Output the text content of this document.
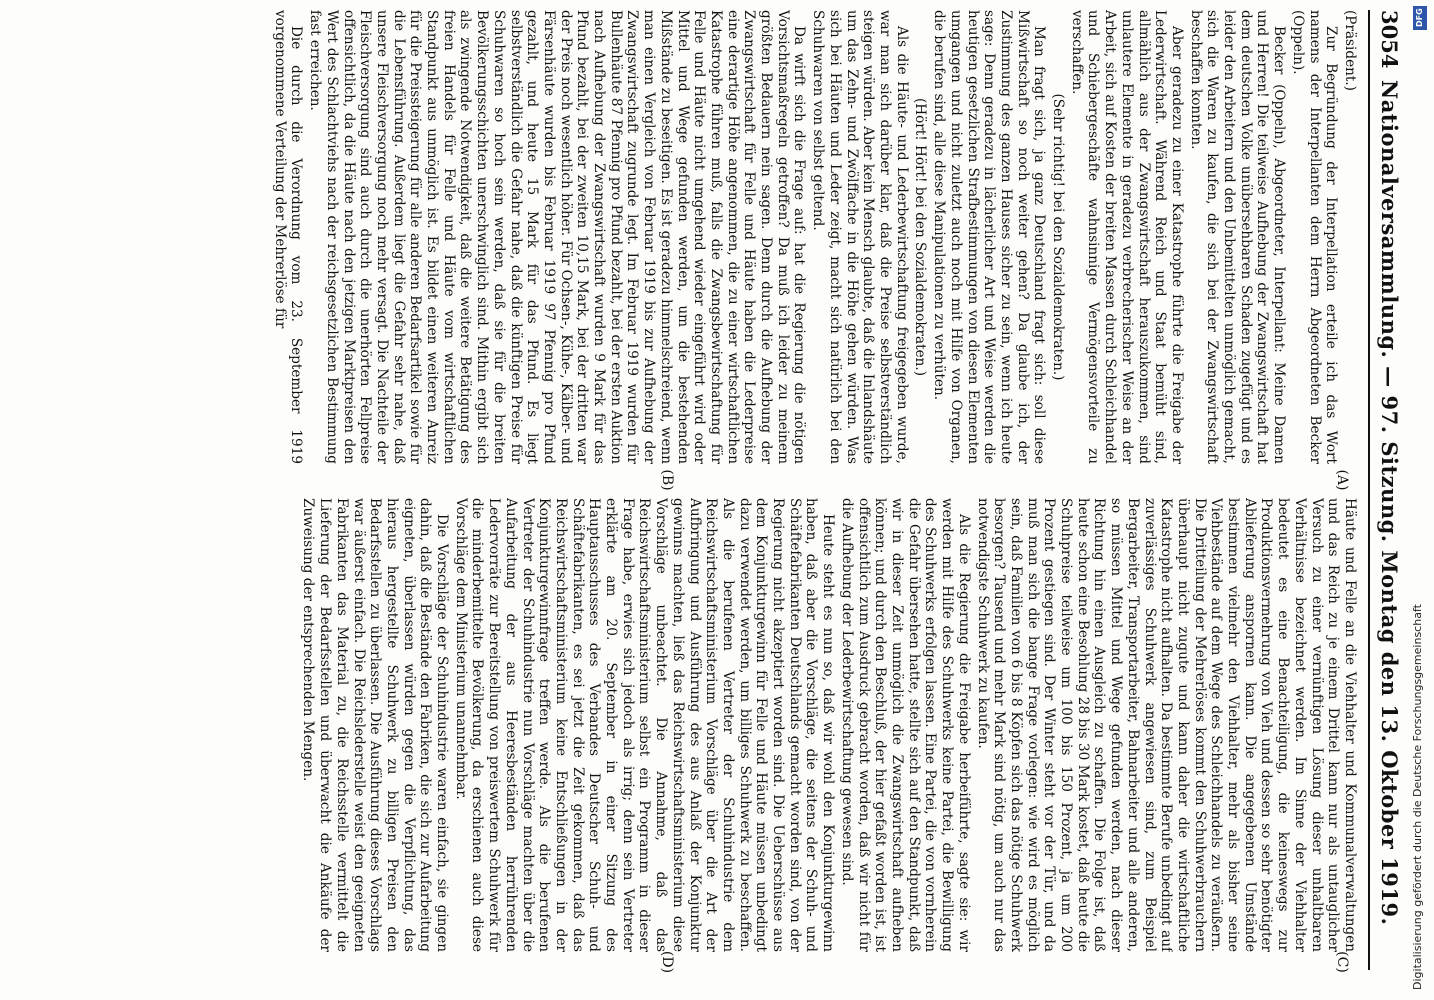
3054
Nationalversammlung. — 97. Sitzung. Montag den 13. Oktober 1919.
(A)
(B)
(C)
(D)

(Präsident.)

Zur Begründung der Interpellation erteile ich das Wort namens der Interpellanten dem Herrn Abgeordneten Becker (Oppeln).

Becker (Oppeln), Abgeordneter, Interpellant: Meine Damen und Herren! Die teilweise Aufhebung der Zwangswirtschaft hat dem deutschen Volke unübersehbaren Schaden zugefügt und es leider den Arbeitern und den Unbemittelten unmöglich gemacht, sich die Waren zu kaufen, die sich bei der Zwangswirtschaft beschaffen konnten.

Aber geradezu zu einer Katastrophe führte die Freigabe der Lederwirtschaft. Während Reich und Staat bemüht sind, allmählich aus der Zwangswirtschaft herauszukommen, sind unlautere Elemente in geradezu verbrecherischer Weise an der Arbeit, sich auf Kosten der breiten Massen durch Schleichhandel und Schiebergeschäfte wahnsinnige Vermögensvorteile zu verschaffen.

(Sehr richtig! bei den Sozialdemokraten.)

Man fragt sich, ja ganz Deutschland fragt sich: soll diese Mißwirtschaft so noch weiter gehen? Da glaube ich, der Zustimmung des ganzen Hauses sicher zu sein, wenn ich heute sage: Denn geradezu in lächerlicher Art und Weise werden die heutigen gesetzlichen Strafbestimmungen von diesen Elementen umgangen und nicht zuletzt auch noch mit Hilfe von Organen, die berufen sind, alle diese Manipulationen zu verhüten.

(Hört! Hört! bei den Sozialdemokraten.)

Als die Häute- und Lederbewirtschaftung freigegeben wurde, war man sich darüber klar, daß die Preise selbstverständlich steigen würden. Aber kein Mensch glaubte, daß die Inlandshäute um das Zehn- und Zwölffache in die Höhe gehen würden. Was sich bei Häuten und Leder zeigt, macht sich natürlich bei den Schuhwaren von selbst geltend.

Da wirft sich die Frage auf: hat die Regierung die nötigen Vorsichtsmaßregeln getroffen? Da muß ich leider zu meinem größten Bedauern nein sagen. Denn durch die Aufhebung der Zwangswirtschaft für Felle und Häute haben die Lederpreise eine derartige Höhe angenommen, die zu einer wirtschaftlichen Katastrophe führen muß, falls die Zwangsbewirtschaftung für Felle und Häute nicht umgehend wieder eingeführt wird oder Mittel und Wege gefunden werden, um die bestehenden Mißstände zu beseitigen. Es ist geradezu himmelschreiend, wenn man einen Vergleich von Februar 1919 bis zur Aufhebung der Zwangswirtschaft zugrunde legt. Im Februar 1919 wurden für Bullenhäute 87 Pfennig pro Pfund bezahlt, bei der ersten Auktion nach Aufhebung der Zwangswirtschaft wurden 9 Mark für das Pfund bezahlt, bei der zweiten 10,15 Mark, bei der dritten war der Preis noch wesentlich höher. Für Ochsen-, Kühe-, Kälber- und Färsenhäute wurden bis Februar 1919 97 Pfennig pro Pfund gezahlt, und heute 15 Mark für das Pfund. Es liegt selbstverständlich die Gefahr nahe, daß die künftigen Preise für Schuhwaren so hoch sein werden, daß sie für die breiten Bevölkerungsschichten unerschwinglich sind. Mithin ergibt sich als zwingende Notwendigkeit, daß die weitere Betätigung des freien Handels für Felle und Häute vom wirtschaftlichen Standpunkt aus unmöglich ist. Es bildet einen weiteren Anreiz für die Preissteigerung für alle anderen Bedarfsartikel sowie für die Lebensführung. Außerdem liegt die Gefahr sehr nahe, daß unsere Fleischversorgung noch mehr versagt. Die Nachteile der Fleischversorgung sind auch durch die unerhörten Fellpreise offensichtlich, da die Häute nach den jetzigen Marktpreisen den Wert des Schlachtviehs nach der reichsgesetzlichen Bestimmung fast erreichen.

Die durch die Verordnung vom 23. September 1919 vorgenommene Verteilung der Mehrerlöse für

Häute und Felle an die Viehhalter und Kommunalverwaltungen und das Reich zu je einem Drittel kann nur als untauglicher Versuch zu einer vernünftigen Lösung dieser unhaltbaren Verhältnisse bezeichnet werden. Im Sinne der Viehhalter bedeutet es eine Benachteiligung, die keineswegs zur Produktionsvermehrung von Vieh und dessen so sehr benötigter Ablieferung anspornen kann. Die angegebenen Umstände bestimmen vielmehr den Viehhalter, mehr als bisher seine Viehbestände auf dem Wege des Schleichhandels zu veräußern. Die Dritteilung der Mehrerlöses kommt den Schuhwerbrauchern überhaupt nicht zugute und kann daher die wirtschaftliche Katastrophe nicht aufhalten. Da bestimmte Berufe unbedingt auf zuverlässiges Schuhwerk angewiesen sind, zum Beispiel Bergarbeiter, Transportarbeiter, Bahnarbeiter und alle anderen, so müssen Mittel und Wege gefunden werden, nach dieser Richtung hin einen Ausgleich zu schaffen. Die Folge ist, daß heute schon eine Besohlung 28 bis 30 Mark kostet, daß heute die Schuhpreise teilweise um 100 bis 150 Prozent, ja um 200 Prozent gestiegen sind. Der Winter steht vor der Tür, und da muß man sich die bange Frage vorlegen: wie wird es möglich sein, daß Familien von 6 bis 8 Köpfen sich das nötige Schuhwerk besorgen? Tausend und mehr Mark sind nötig, um auch nur das notwendigste Schuhwerk zu kaufen.

Als die Regierung die Freigabe herbeiführte, sagte sie: wir werden mit Hilfe des Schuhwerks keine Partei, die Bewilligung des Schuhwerks erfolgen lassen. Eine Partei, die von vornherein die Gefahr übersehen hatte, stellte sich auf den Standpunkt, daß wir in dieser Zeit unmöglich die Zwangswirtschaft aufheben können; und durch den Beschluß, der hier gefaßt worden ist, ist offensichtlich zum Ausdruck gebracht worden, daß wir nicht für die Aufhebung der Lederbewirtschaftung gewesen sind.

Heute steht es nun so, daß wir wohl den Konjunkturgewinn haben, daß aber die Vorschläge, die seitens der Schuh- und Schäftefabrikanten Deutschlands gemacht worden sind, von der Regierung nicht akzeptiert worden sind. Die Ueberschüsse aus dem Konjunkturgewinn für Felle und Häute müssen unbedingt dazu verwendet werden, um billiges Schuhwerk zu beschaffen. Als die berufenen Vertreter der Schuhindustrie dem Reichswirtschaftsministerium Vorschläge über die Art der Aufbringung und Ausführung des aus Anlaß der Konjunktur gewinns machten, ließ das Reichswirtschaftsministerium diese Vorschläge unbeachtet. Die Annahme, daß das Reichswirtschaftsministerium selbst ein Programm in dieser Frage habe, erwies sich jedoch als irrig; denn sein Vertreter erklärte am 20. September in einer Sitzung des Hauptausschusses des Verbandes Deutscher Schuh- und Schäftefabrikanten, es sei jetzt die Zeit gekommen, daß das Reichswirtschaftsministerium keine Entschließungen in der Konjunkturgewinnfrage treffen werde. Als die berufenen Vertreter der Schuhindustrie nun Vorschläge machten über die Aufarbeitung der aus Heeresbeständen herrührenden Ledervorräte zur Bereitstellung von preiswertem Schuhwerk für die minderbemittelte Bevölkerung, da erschienen auch diese Vorschläge dem Ministerium unannehmbar.

Die Vorschläge der Schuhindustrie waren einfach, sie gingen dahin, daß die Bestände den Fabriken, die sich zur Aufarbeitung eigneten, überlassen würden gegen die Verpflichtung, das hieraus hergestellte Schuhwerk zu billigen Preisen den Bedarfsstellen zu überlassen. Die Ausführung dieses Vorschlags war äußerst einfach. Die Reichslederstelle weist den geeigneten Fabrikanten das Material zu, die Reichsstelle vermittelt die Lieferung der Bedarfsstellen und überwacht die Ankäufe der Zuweisung der entsprechenden Mengen.

DFG
Digitalisierung gefördert durch die Deutsche Forschungsgemeinschaft
